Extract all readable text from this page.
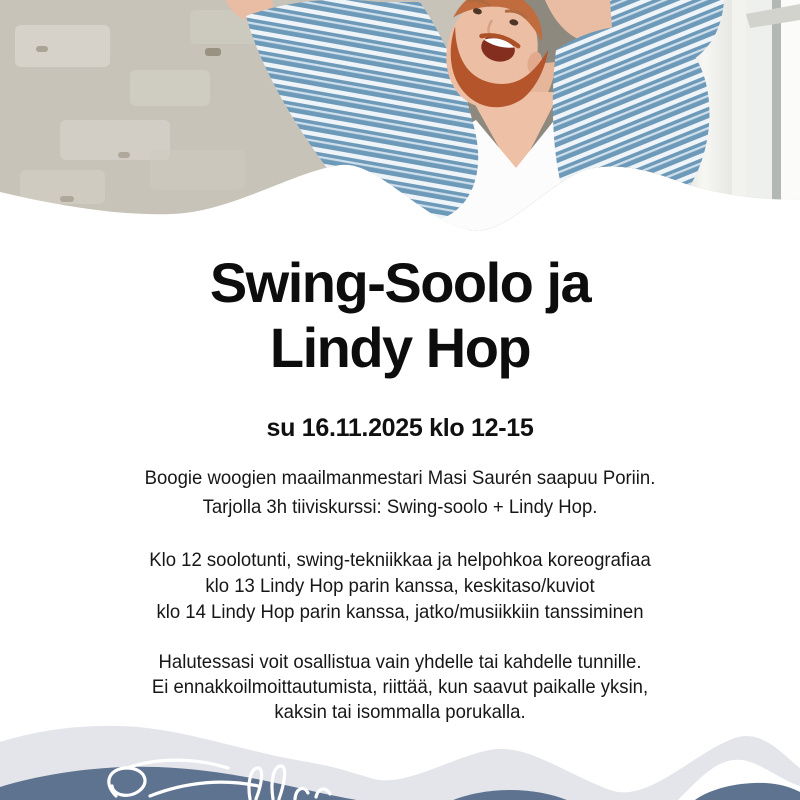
Swing-Soolo ja
Lindy Hop
su 16.11.2025 klo 12-15
Boogie woogien maailmanmestari Masi Saurén saapuu Poriin.
Tarjolla 3h tiiviskurssi: Swing-soolo + Lindy Hop.
Klo 12 soolotunti, swing-tekniikkaa ja helpohkoa koreografiaa
klo 13 Lindy Hop parin kanssa, keskitaso/kuviot
klo 14 Lindy Hop parin kanssa, jatko/musiikkiin tanssiminen
Halutessasi voit osallistua vain yhdelle tai kahdelle tunnille.
Ei ennakkoilmoittautumista, riittää, kun saavut paikalle yksin,
kaksin tai isommalla porukalla.
